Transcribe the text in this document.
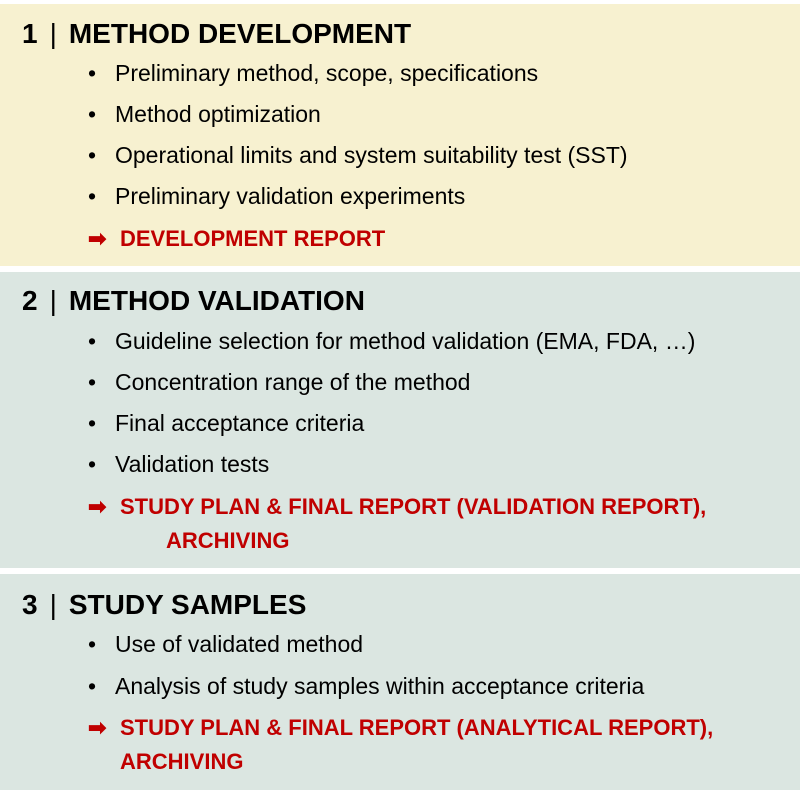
1 | METHOD DEVELOPMENT
• Preliminary method, scope, specifications
• Method optimization
• Operational limits and system suitability test (SST)
• Preliminary validation experiments
➡ DEVELOPMENT REPORT
2 | METHOD VALIDATION
• Guideline selection for method validation (EMA, FDA, …)
• Concentration range of the method
• Final acceptance criteria
• Validation tests
➡ STUDY PLAN & FINAL REPORT (VALIDATION REPORT),
ARCHIVING
3 | STUDY SAMPLES
• Use of validated method
• Analysis of study samples within acceptance criteria
➡ STUDY PLAN & FINAL REPORT (ANALYTICAL REPORT),
ARCHIVING
